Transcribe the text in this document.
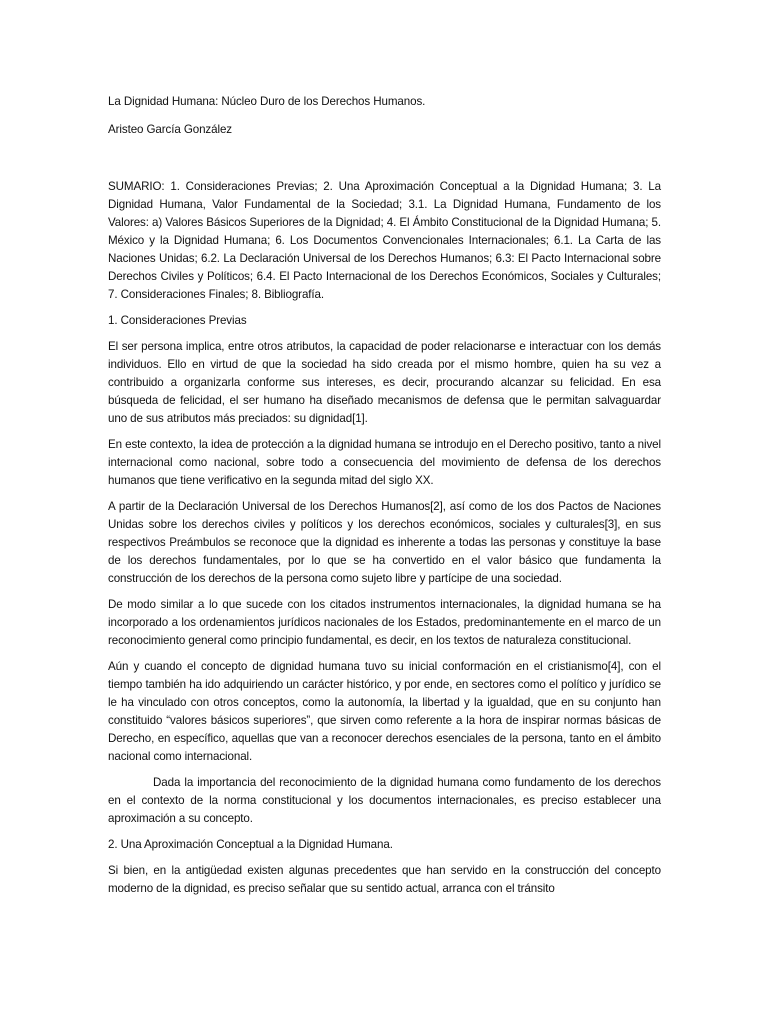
La Dignidad Humana: Núcleo Duro de los Derechos Humanos.

Aristeo García González

SUMARIO: 1. Consideraciones Previas; 2. Una Aproximación Conceptual a la Dignidad Humana; 3. La Dignidad Humana, Valor Fundamental de la Sociedad; 3.1. La Dignidad Humana, Fundamento de los Valores: a) Valores Básicos Superiores de la Dignidad; 4. El Ámbito Constitucional de la Dignidad Humana; 5. México y la Dignidad Humana; 6. Los Documentos Convencionales Internacionales; 6.1. La Carta de las Naciones Unidas; 6.2. La Declaración Universal de los Derechos Humanos; 6.3: El Pacto Internacional sobre Derechos Civiles y Políticos; 6.4. El Pacto Internacional de los Derechos Económicos, Sociales y Culturales; 7. Consideraciones Finales; 8. Bibliografía.

1. Consideraciones Previas

El ser persona implica, entre otros atributos, la capacidad de poder relacionarse e interactuar con los demás individuos. Ello en virtud de que la sociedad ha sido creada por el mismo hombre, quien ha su vez a contribuido a organizarla conforme sus intereses, es decir, procurando alcanzar su felicidad. En esa búsqueda de felicidad, el ser humano ha diseñado mecanismos de defensa que le permitan salvaguardar uno de sus atributos más preciados: su dignidad[1].

En este contexto, la idea de protección a la dignidad humana se introdujo en el Derecho positivo, tanto a nivel internacional como nacional, sobre todo a consecuencia del movimiento de defensa de los derechos humanos que tiene verificativo en la segunda mitad del siglo XX.

A partir de la Declaración Universal de los Derechos Humanos[2], así como de los dos Pactos de Naciones Unidas sobre los derechos civiles y políticos y los derechos económicos, sociales y culturales[3], en sus respectivos Preámbulos se reconoce que la dignidad es inherente a todas las personas y constituye la base de los derechos fundamentales, por lo que se ha convertido en el valor básico que fundamenta la construcción de los derechos de la persona como sujeto libre y partícipe de una sociedad.

De modo similar a lo que sucede con los citados instrumentos internacionales, la dignidad humana se ha incorporado a los ordenamientos jurídicos nacionales de los Estados, predominantemente en el marco de un reconocimiento general como principio fundamental, es decir, en los textos de naturaleza constitucional.

Aún y cuando el concepto de dignidad humana tuvo su inicial conformación en el cristianismo[4], con el tiempo también ha ido adquiriendo un carácter histórico, y por ende, en sectores como el político y jurídico se le ha vinculado con otros conceptos, como la autonomía, la libertad y la igualdad, que en su conjunto han constituido “valores básicos superiores”, que sirven como referente a la hora de inspirar normas básicas de Derecho, en específico, aquellas que van a reconocer derechos esenciales de la persona, tanto en el ámbito nacional como internacional.

Dada la importancia del reconocimiento de la dignidad humana como fundamento de los derechos en el contexto de la norma constitucional y los documentos internacionales, es preciso establecer una aproximación a su concepto.

2. Una Aproximación Conceptual a la Dignidad Humana.

Si bien, en la antigüedad existen algunas precedentes que han servido en la construcción del concepto moderno de la dignidad, es preciso señalar que su sentido actual, arranca con el tránsito
